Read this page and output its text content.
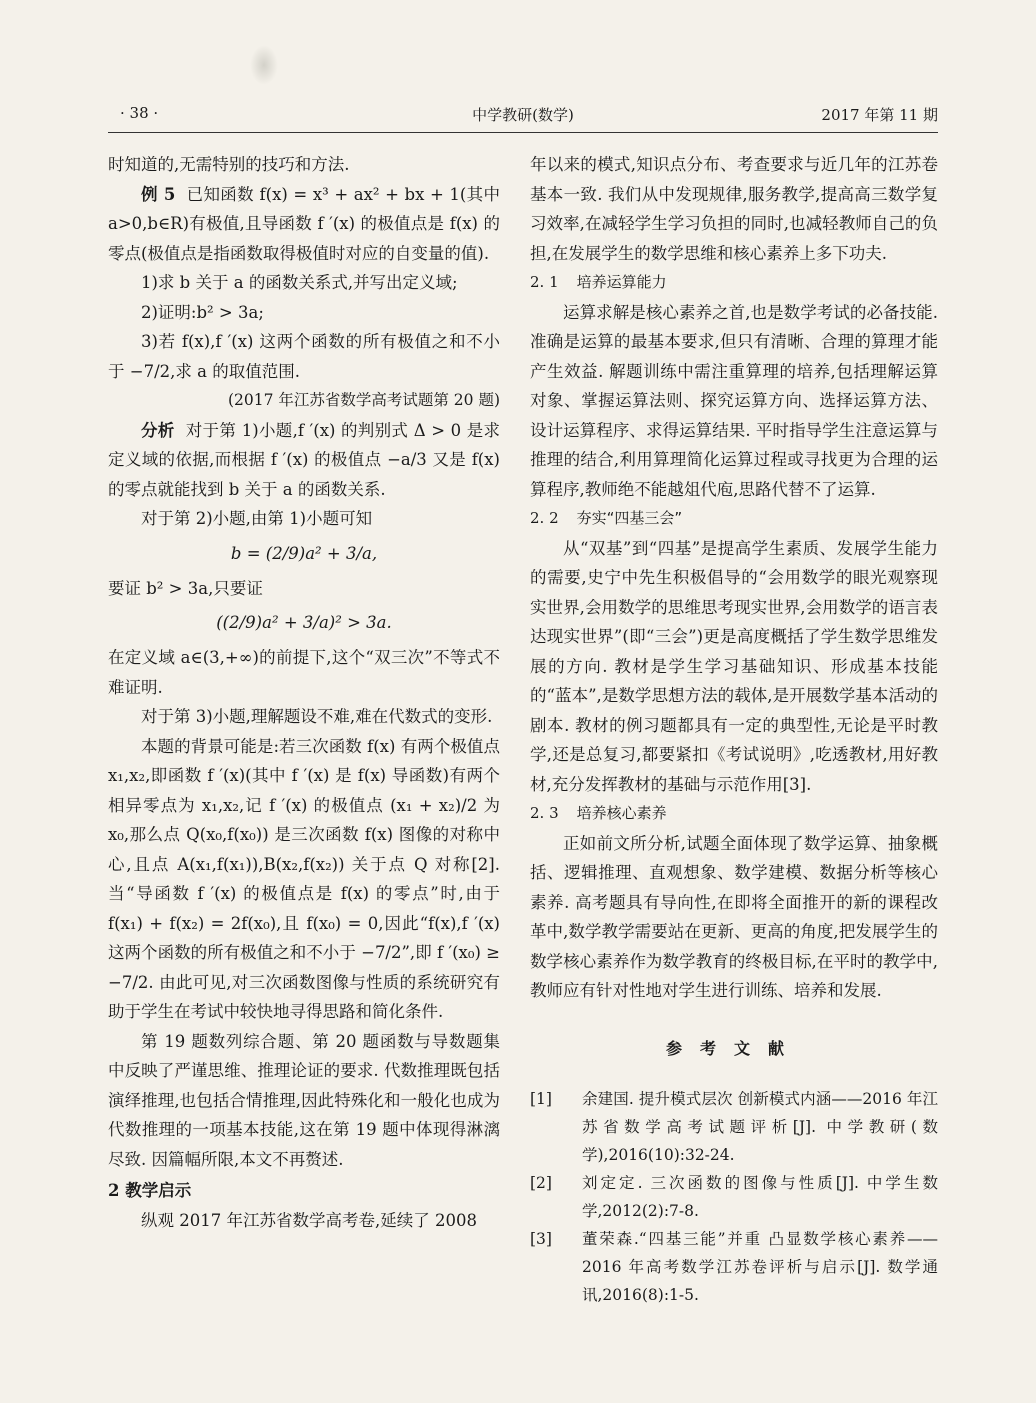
· 38 ·	中学教研(数学)	2017 年第 11 期

时知道的,无需特别的技巧和方法.

例 5 已知函数 f(x) = x³ + ax² + bx + 1(其中 a>0,b∈R)有极值,且导函数 f ′(x) 的极值点是 f(x) 的零点(极值点是指函数取得极值时对应的自变量的值).

1)求 b 关于 a 的函数关系式,并写出定义域;

2)证明:b² > 3a;

3)若 f(x),f ′(x) 这两个函数的所有极值之和不小于 −7/2,求 a 的取值范围.

(2017 年江苏省数学高考试题第 20 题)

分析 对于第 1)小题,f ′(x) 的判别式 Δ > 0 是求定义域的依据,而根据 f ′(x) 的极值点 −a/3 又是 f(x) 的零点就能找到 b 关于 a 的函数关系.

对于第 2)小题,由第 1)小题可知

b = (2/9)a² + 3/a,

要证 b² > 3a,只要证

((2/9)a² + 3/a)² > 3a.

在定义域 a∈(3,+∞)的前提下,这个“双三次”不等式不难证明.

对于第 3)小题,理解题设不难,难在代数式的变形.

本题的背景可能是:若三次函数 f(x) 有两个极值点 x₁,x₂,即函数 f ′(x)(其中 f ′(x) 是 f(x) 导函数)有两个相异零点为 x₁,x₂,记 f ′(x) 的极值点 (x₁ + x₂)/2 为 x₀,那么点 Q(x₀,f(x₀)) 是三次函数 f(x) 图像的对称中心,且点 A(x₁,f(x₁)),B(x₂,f(x₂)) 关于点 Q 对称[2]. 当“导函数 f ′(x) 的极值点是 f(x) 的零点”时,由于 f(x₁) + f(x₂) = 2f(x₀),且 f(x₀) = 0,因此“f(x),f ′(x) 这两个函数的所有极值之和不小于 −7/2”,即 f ′(x₀) ≥ −7/2. 由此可见,对三次函数图像与性质的系统研究有助于学生在考试中较快地寻得思路和简化条件.

第 19 题数列综合题、第 20 题函数与导数题集中反映了严谨思维、推理论证的要求. 代数推理既包括演绎推理,也包括合情推理,因此特殊化和一般化也成为代数推理的一项基本技能,这在第 19 题中体现得淋漓尽致. 因篇幅所限,本文不再赘述.

2 教学启示

纵观 2017 年江苏省数学高考卷,延续了 2008

年以来的模式,知识点分布、考查要求与近几年的江苏卷基本一致. 我们从中发现规律,服务教学,提高高三数学复习效率,在减轻学生学习负担的同时,也减轻教师自己的负担,在发展学生的数学思维和核心素养上多下功夫.

2. 1 培养运算能力

运算求解是核心素养之首,也是数学考试的必备技能. 准确是运算的最基本要求,但只有清晰、合理的算理才能产生效益. 解题训练中需注重算理的培养,包括理解运算对象、掌握运算法则、探究运算方向、选择运算方法、设计运算程序、求得运算结果. 平时指导学生注意运算与推理的结合,利用算理简化运算过程或寻找更为合理的运算程序,教师绝不能越俎代庖,思路代替不了运算.

2. 2 夯实“四基三会”

从“双基”到“四基”是提高学生素质、发展学生能力的需要,史宁中先生积极倡导的“会用数学的眼光观察现实世界,会用数学的思维思考现实世界,会用数学的语言表达现实世界”(即“三会”)更是高度概括了学生数学思维发展的方向. 教材是学生学习基础知识、形成基本技能的“蓝本”,是数学思想方法的载体,是开展数学基本活动的剧本. 教材的例习题都具有一定的典型性,无论是平时教学,还是总复习,都要紧扣《考试说明》,吃透教材,用好教材,充分发挥教材的基础与示范作用[3].

2. 3 培养核心素养

正如前文所分析,试题全面体现了数学运算、抽象概括、逻辑推理、直观想象、数学建模、数据分析等核心素养. 高考题具有导向性,在即将全面推开的新的课程改革中,数学教学需要站在更新、更高的角度,把发展学生的数学核心素养作为数学教育的终极目标,在平时的教学中,教师应有针对性地对学生进行训练、培养和发展.

参考文献

[1]	余建国. 提升模式层次 创新模式内涵——2016 年江苏省数学高考试题评析[J]. 中学教研(数学),2016(10):32-24.
[2]	刘定定. 三次函数的图像与性质[J]. 中学生数学,2012(2):7-8.
[3]	董荣森.“四基三能”并重 凸显数学核心素养——2016 年高考数学江苏卷评析与启示[J]. 数学通讯,2016(8):1-5.
